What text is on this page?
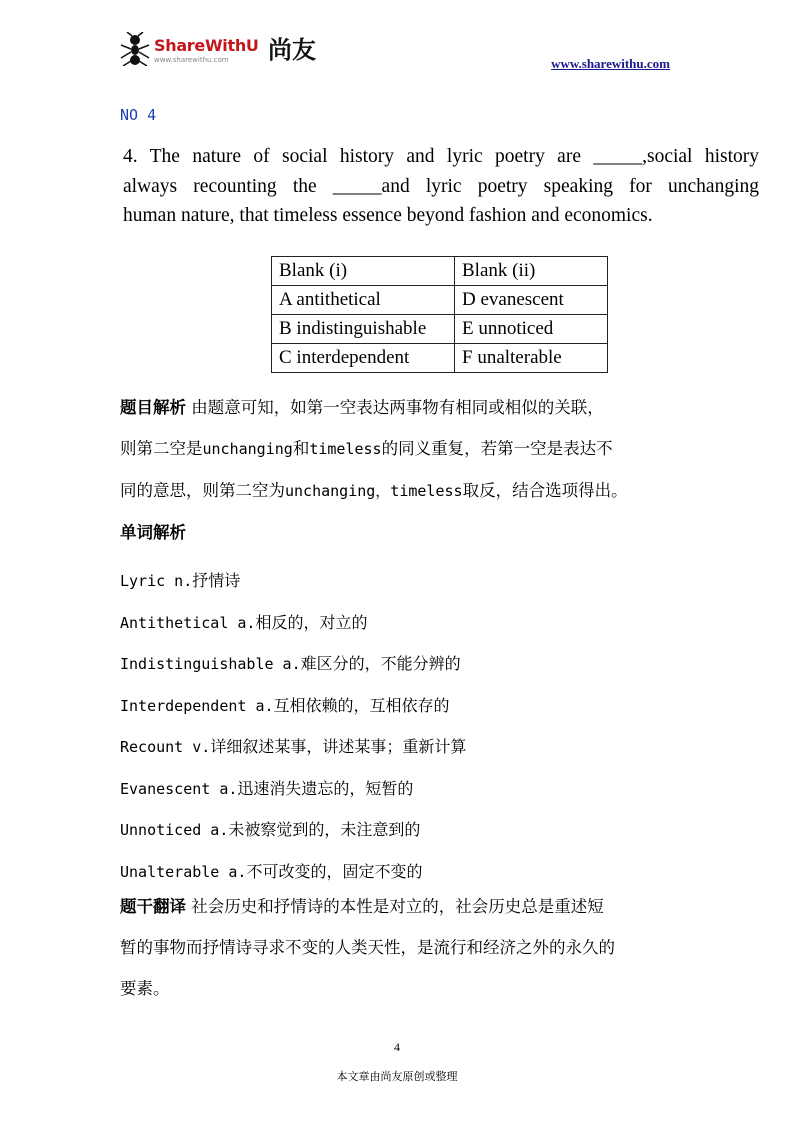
ShareWithU 尚友
www.sharewithu.com	www.sharewithu.com
NO 4
4. The nature of social history and lyric poetry are _____,social history
always recounting the _____and lyric poetry speaking for unchanging
human nature, that timeless essence beyond fashion and economics.
Blank (i)	Blank (ii)
A antithetical	D evanescent
B indistinguishable	E unnoticed
C interdependent	F unalterable
题目解析 由题意可知，如第一空表达两事物有相同或相似的关联，
则第二空是unchanging和timeless的同义重复，若第一空是表达不
同的意思，则第二空为unchanging，timeless取反，结合选项得出。
单词解析
Lyric n.抒情诗
Antithetical a.相反的，对立的
Indistinguishable a.难区分的，不能分辨的
Interdependent a.互相依赖的，互相依存的
Recount v.详细叙述某事，讲述某事；重新计算
Evanescent a.迅速消失遗忘的，短暂的
Unnoticed a.未被察觉到的，未注意到的
Unalterable a.不可改变的，固定不变的
题干翻译 社会历史和抒情诗的本性是对立的，社会历史总是重述短
暂的事物而抒情诗寻求不变的人类天性，是流行和经济之外的永久的
要素。
4
本文章由尚友原创或整理
